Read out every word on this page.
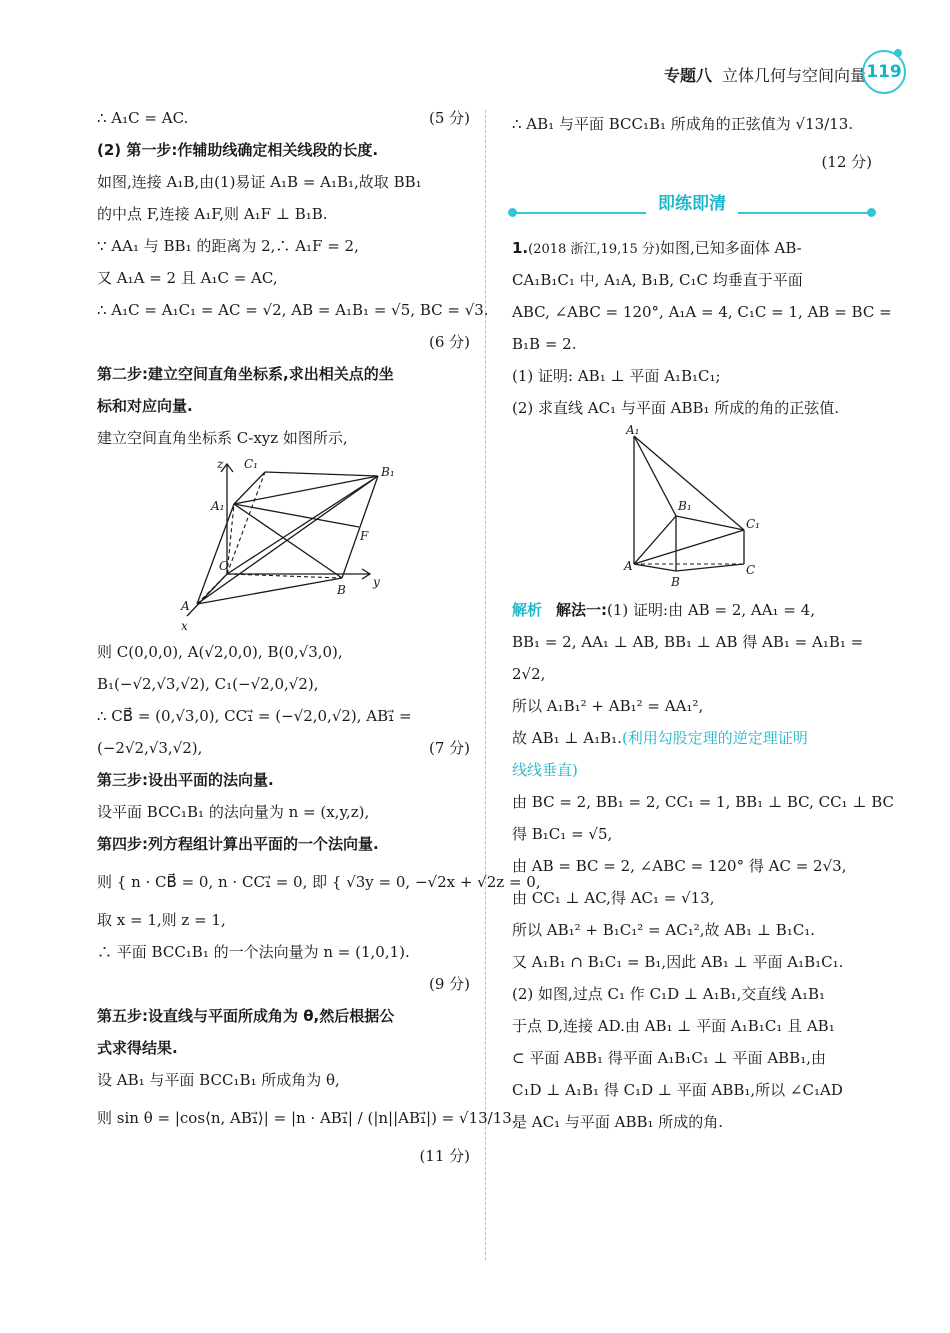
专题八 立体几何与空间向量 119
∴ A₁C = AC.	(5 分)
(2) 第一步:作辅助线确定相关线段的长度.
如图,连接 A₁B,由(1)易证 A₁B = A₁B₁,故取 BB₁
的中点 F,连接 A₁F,则 A₁F ⊥ B₁B.
∵ AA₁ 与 BB₁ 的距离为 2,∴ A₁F = 2,
又 A₁A = 2 且 A₁C = AC,
∴ A₁C = A₁C₁ = AC = √2, AB = A₁B₁ = √5, BC = √3.
(6 分)
第二步:建立空间直角坐标系,求出相关点的坐
标和对应向量.
建立空间直角坐标系 C-xyz 如图所示,
z
y
x
C₁
B₁
A₁
F
C
A
B
则 C(0,0,0), A(√2,0,0), B(0,√3,0),
B₁(−√2,√3,√2), C₁(−√2,0,√2),
∴ CB⃗ = (0,√3,0), CC₁⃗ = (−√2,0,√2), AB₁⃗ =
(−2√2,√3,√2),	(7 分)
第三步:设出平面的法向量.
设平面 BCC₁B₁ 的法向量为 n = (x,y,z),
第四步:列方程组计算出平面的一个法向量.
则 { n · CB⃗ = 0, n · CC₁⃗ = 0, 即 { √3y = 0, −√2x + √2z = 0,
取 x = 1,则 z = 1,
∴ 平面 BCC₁B₁ 的一个法向量为 n = (1,0,1).
(9 分)
第五步:设直线与平面所成角为 θ,然后根据公
式求得结果.
设 AB₁ 与平面 BCC₁B₁ 所成角为 θ,
则 sin θ = |cos⟨n, AB₁⃗⟩| = |n · AB₁⃗| / (|n||AB₁⃗|) = √13/13.
(11 分)
∴ AB₁ 与平面 BCC₁B₁ 所成角的正弦值为 √13/13.
(12 分)
即练即清
1.(2018 浙江,19,15 分)如图,已知多面体 AB-
CA₁B₁C₁ 中, A₁A, B₁B, C₁C 均垂直于平面
ABC, ∠ABC = 120°, A₁A = 4, C₁C = 1, AB = BC =
B₁B = 2.
(1) 证明: AB₁ ⊥ 平面 A₁B₁C₁;
(2) 求直线 AC₁ 与平面 ABB₁ 所成的角的正弦值.
A₁
B₁
C₁
A
B
C
解析 解法一:(1) 证明:由 AB = 2, AA₁ = 4,
BB₁ = 2, AA₁ ⊥ AB, BB₁ ⊥ AB 得 AB₁ = A₁B₁ =
2√2,
所以 A₁B₁² + AB₁² = AA₁²,
故 AB₁ ⊥ A₁B₁.(利用勾股定理的逆定理证明
线线垂直)
由 BC = 2, BB₁ = 2, CC₁ = 1, BB₁ ⊥ BC, CC₁ ⊥ BC
得 B₁C₁ = √5,
由 AB = BC = 2, ∠ABC = 120° 得 AC = 2√3,
由 CC₁ ⊥ AC,得 AC₁ = √13,
所以 AB₁² + B₁C₁² = AC₁²,故 AB₁ ⊥ B₁C₁.
又 A₁B₁ ∩ B₁C₁ = B₁,因此 AB₁ ⊥ 平面 A₁B₁C₁.
(2) 如图,过点 C₁ 作 C₁D ⊥ A₁B₁,交直线 A₁B₁
于点 D,连接 AD.由 AB₁ ⊥ 平面 A₁B₁C₁ 且 AB₁
⊂ 平面 ABB₁ 得平面 A₁B₁C₁ ⊥ 平面 ABB₁,由
C₁D ⊥ A₁B₁ 得 C₁D ⊥ 平面 ABB₁,所以 ∠C₁AD
是 AC₁ 与平面 ABB₁ 所成的角.
